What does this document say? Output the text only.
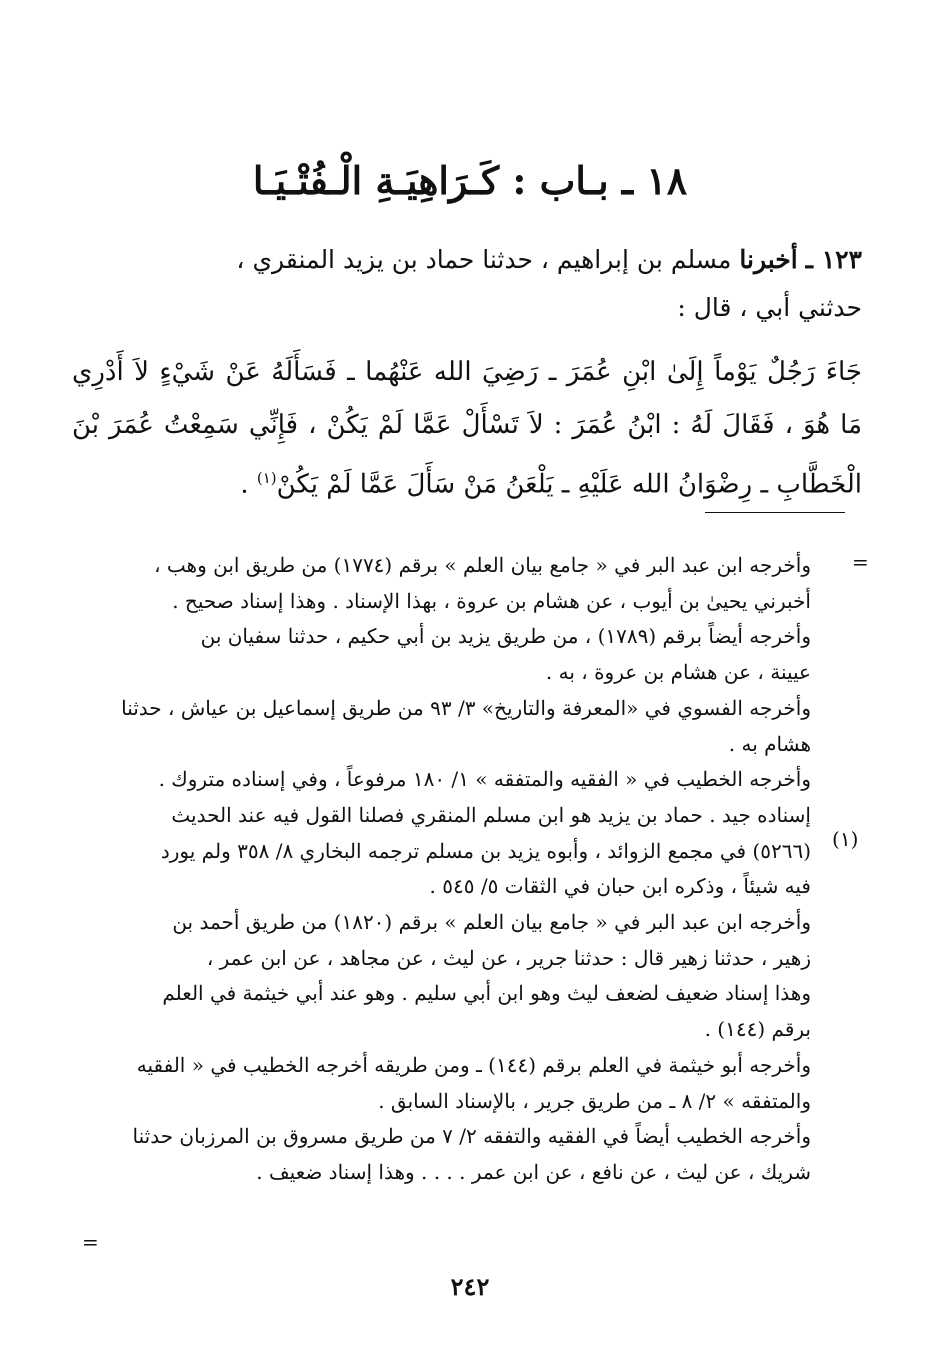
١٨ ـ بـاب : كَـرَاهِيَـةِ الْـفُتْـيَـا
١٢٣ ـ أخبرنا مسلم بن إبراهيم ، حدثنا حماد بن يزيد المنقري ،
حدثني أبي ، قال :
جَاءَ رَجُلٌ يَوْماً إِلَىٰ ابْنِ عُمَرَ ـ رَضِيَ الله عَنْهُما ـ فَسَأَلَهُ عَنْ شَيْءٍ لاَ أَدْرِي
مَا هُوَ ، فَقَالَ لَهُ : ابْنُ عُمَرَ : لاَ تَسْأَلْ عَمَّا لَمْ يَكُنْ ، فَإِنِّي سَمِعْتُ عُمَرَ بْنَ
الْخَطَّابِ ـ رِضْوَانُ الله عَلَيْهِ ـ يَلْعَنُ مَنْ سَأَلَ عَمَّا لَمْ يَكُنْ$^{(١)}$ .
=
(١)
=

وأخرجه ابن عبد البر في « جامع بيان العلم » برقم (١٧٧٤) من طريق ابن وهب ،

أخبرني يحيىٰ بن أيوب ، عن هشام بن عروة ، بهذا الإسناد . وهذا إسناد صحيح .

وأخرجه أيضاً برقم (١٧٨٩) ، من طريق يزيد بن أبي حكيم ، حدثنا سفيان بن

عيينة ، عن هشام بن عروة ، به .

وأخرجه الفسوي في «المعرفة والتاريخ» ٣/ ٩٣ من طريق إسماعيل بن عياش ، حدثنا

هشام به .

وأخرجه الخطيب في « الفقيه والمتفقه » ١/ ١٨٠ مرفوعاً ، وفي إسناده متروك .

إسناده جيد . حماد بن يزيد هو ابن مسلم المنقري فصلنا القول فيه عند الحديث

(٥٢٦٦) في مجمع الزوائد ، وأبوه يزيد بن مسلم ترجمه البخاري ٨/ ٣٥٨ ولم يورد

فيه شيئاً ، وذكره ابن حبان في الثقات ٥/ ٥٤٥ .

وأخرجه ابن عبد البر في « جامع بيان العلم » برقم (١٨٢٠) من طريق أحمد بن

زهير ، حدثنا زهير قال : حدثنا جرير ، عن ليث ، عن مجاهد ، عن ابن عمر ،

وهذا إسناد ضعيف لضعف ليث وهو ابن أبي سليم . وهو عند أبي خيثمة في العلم

برقم (١٤٤) .

وأخرجه أبو خيثمة في العلم برقم (١٤٤) ـ ومن طريقه أخرجه الخطيب في « الفقيه

والمتفقه » ٢/ ٨ ـ من طريق جرير ، بالإسناد السابق .

وأخرجه الخطيب أيضاً في الفقيه والتفقه ٢/ ٧ من طريق مسروق بن المرزبان حدثنا

شريك ، عن ليث ، عن نافع ، عن ابن عمر . . . . وهذا إسناد ضعيف .

٢٤٢
